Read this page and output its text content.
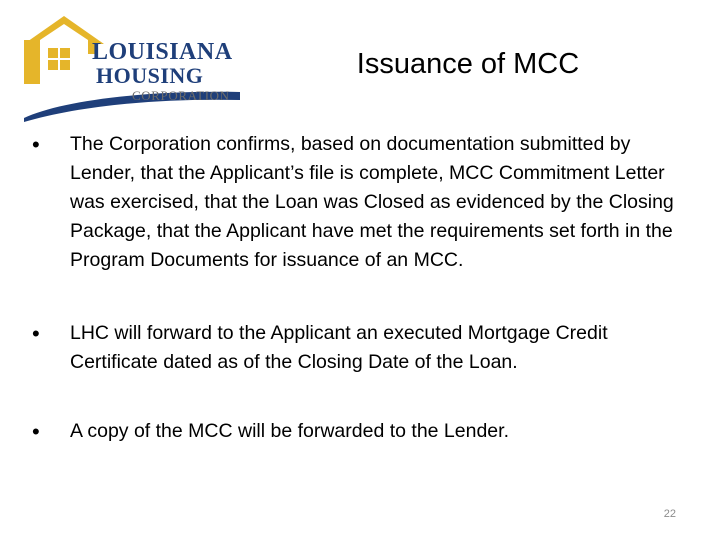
LOUISIANA
HOUSING
CORPORATION
Issuance of MCC
•	The Corporation confirms, based on documentation submitted by Lender, that the Applicant’s file is complete, MCC Commitment Letter was exercised, that the Loan was Closed as evidenced by the Closing Package, that the Applicant have met the requirements set forth in the Program Documents for issuance of an MCC.
•	LHC will forward to the Applicant an executed Mortgage Credit Certificate dated as of the Closing Date of the Loan.
•	A copy of the MCC will be forwarded to the Lender.
22
